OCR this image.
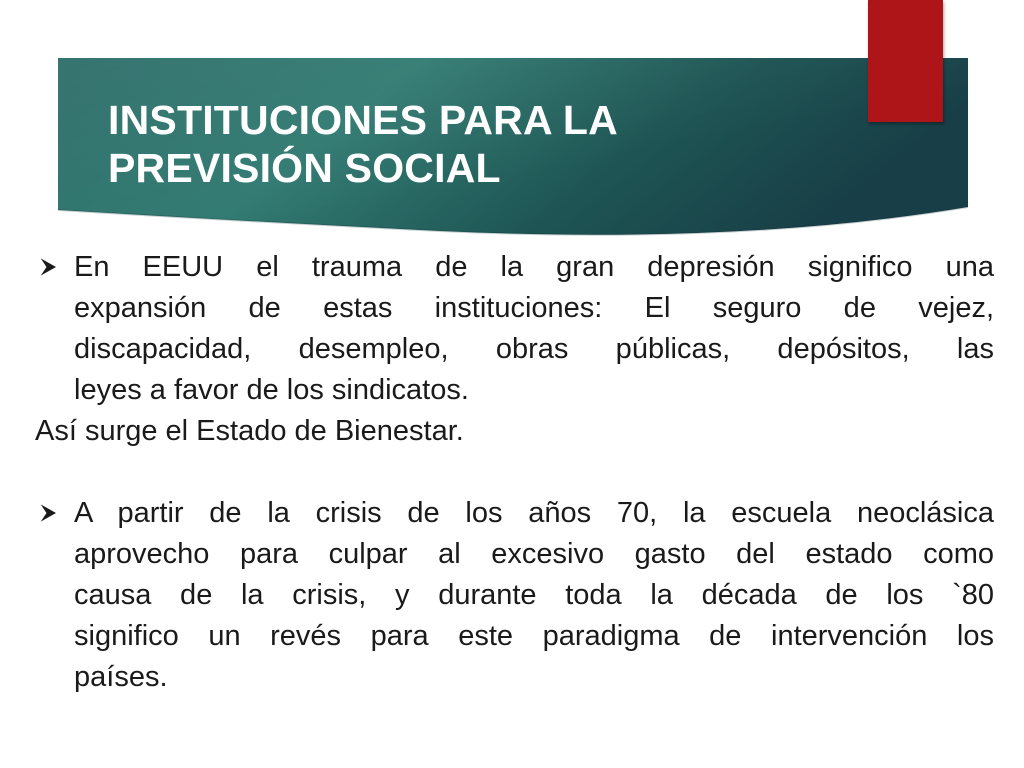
INSTITUCIONES PARA LA
PREVISIÓN SOCIAL
En EEUU el trauma de la gran depresión significo una
expansión de estas instituciones: El seguro de vejez,
discapacidad, desempleo, obras públicas, depósitos, las
leyes a favor de los sindicatos.
Así surge el Estado de Bienestar.
A partir de la crisis de los años 70, la escuela neoclásica
aprovecho para culpar al excesivo gasto del estado como
causa de la crisis, y durante toda la década de los `80
significo un revés para este paradigma de intervención los
países.
